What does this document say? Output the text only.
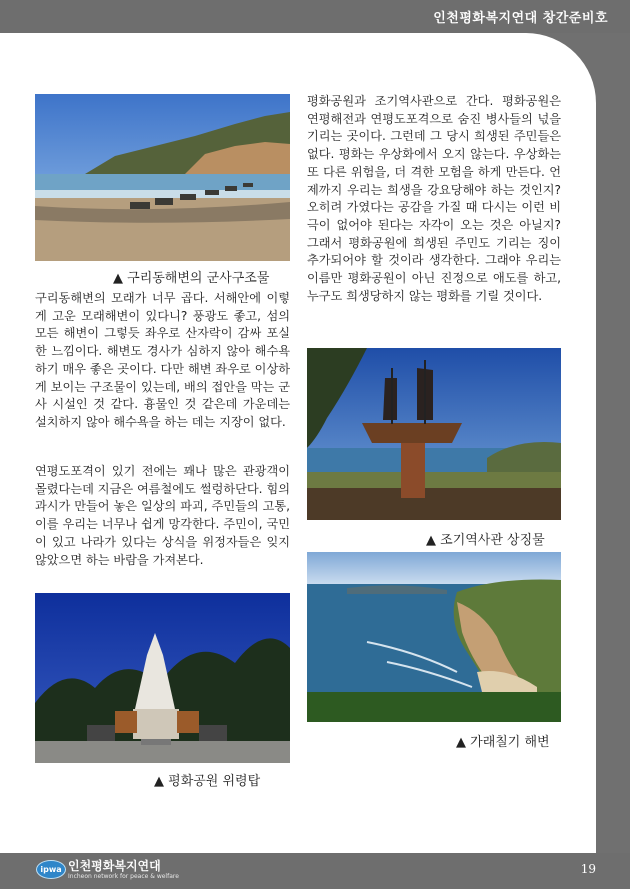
인천평화복지연대 창간준비호
▲ 구리동해변의 군사구조물

구리동해변의 모래가 너무 곱다. 서해안에 이렇게 고운 모래해변이 있다니? 풍광도 좋고, 섬의 모든 해변이 그렇듯 좌우로 산자락이 감싸 포실한 느낌이다. 해변도 경사가 심하지 않아 해수욕하기 매우 좋은 곳이다. 다만 해변 좌우로 이상하게 보이는 구조물이 있는데, 배의 접안을 막는 군사 시설인 것 같다. 흉물인 것 같은데 가운데는 설치하지 않아 해수욕을 하는 데는 지장이 없다.

연평도포격이 있기 전에는 꽤나 많은 관광객이 몰렸다는데 지금은 여름철에도 썰렁하단다. 힘의 과시가 만들어 놓은 일상의 파괴, 주민들의 고통, 이를 우리는 너무나 쉽게 망각한다. 주민이, 국민이 있고 나라가 있다는 상식을 위정자들은 잊지 않았으면 하는 바람을 가져본다.

▲ 평화공원 위령탑

평화공원과 조기역사관으로 간다. 평화공원은 연평해전과 연평도포격으로 숨진 병사들의 넋을 기리는 곳이다. 그런데 그 당시 희생된 주민들은 없다. 평화는 우상화에서 오지 않는다. 우상화는 또 다른 위험을, 더 격한 모험을 하게 만든다. 언제까지 우리는 희생을 강요당해야 하는 것인지? 오히려 가였다는 공감을 가질 때 다시는 이런 비극이 없어야 된다는 자각이 오는 것은 아닐지? 그래서 평화공원에 희생된 주민도 기리는 징이 추가되어야 할 것이라 생각한다. 그래야 우리는 이름만 평화공원이 아닌 진정으로 애도를 하고, 누구도 희생당하지 않는 평화를 기릴 것이다.

▲ 조기역사관 상징물
▲ 가래칠기 해변
ipwa 인천평화복지연대
Incheon network for peace & welfare
19
